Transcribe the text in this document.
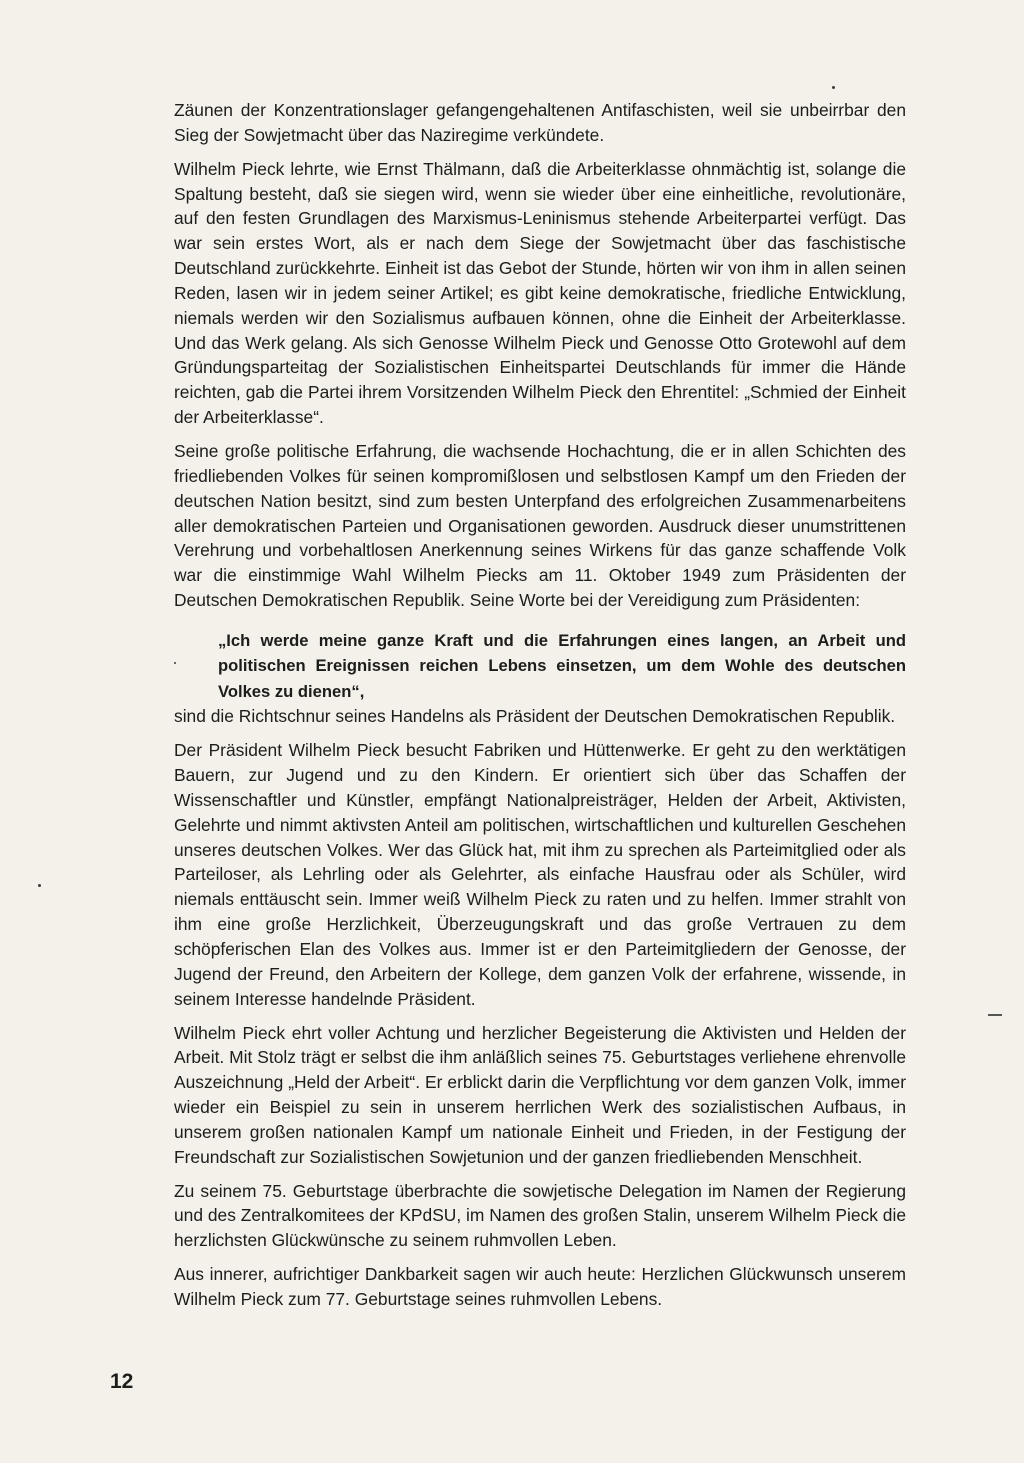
Zäunen der Konzentrationslager gefangengehaltenen Antifaschisten, weil sie unbeirrbar den Sieg der Sowjetmacht über das Naziregime verkündete.

Wilhelm Pieck lehrte, wie Ernst Thälmann, daß die Arbeiterklasse ohnmächtig ist, solange die Spaltung besteht, daß sie siegen wird, wenn sie wieder über eine einheitliche, revolutionäre, auf den festen Grundlagen des Marxismus-Leninismus stehende Arbeiterpartei verfügt. Das war sein erstes Wort, als er nach dem Siege der Sowjetmacht über das faschistische Deutschland zurückkehrte. Einheit ist das Gebot der Stunde, hörten wir von ihm in allen seinen Reden, lasen wir in jedem seiner Artikel; es gibt keine demokratische, friedliche Entwicklung, niemals werden wir den Sozialismus aufbauen können, ohne die Einheit der Arbeiterklasse. Und das Werk gelang. Als sich Genosse Wilhelm Pieck und Genosse Otto Grotewohl auf dem Gründungsparteitag der Sozialistischen Einheitspartei Deutschlands für immer die Hände reichten, gab die Partei ihrem Vorsitzenden Wilhelm Pieck den Ehrentitel: „Schmied der Einheit der Arbeiterklasse“.

Seine große politische Erfahrung, die wachsende Hochachtung, die er in allen Schichten des friedliebenden Volkes für seinen kompromißlosen und selbstlosen Kampf um den Frieden der deutschen Nation besitzt, sind zum besten Unterpfand des erfolgreichen Zusammenarbeitens aller demokratischen Parteien und Organisationen geworden. Ausdruck dieser unumstrittenen Verehrung und vorbehaltlosen Anerkennung seines Wirkens für das ganze schaffende Volk war die einstimmige Wahl Wilhelm Piecks am 11. Oktober 1949 zum Präsidenten der Deutschen Demokratischen Republik. Seine Worte bei der Vereidigung zum Präsidenten:

„Ich werde meine ganze Kraft und die Erfahrungen eines langen, an Arbeit und politischen Ereignissen reichen Lebens einsetzen, um dem Wohle des deutschen Volkes zu dienen“,

sind die Richtschnur seines Handelns als Präsident der Deutschen Demokratischen Republik.

Der Präsident Wilhelm Pieck besucht Fabriken und Hüttenwerke. Er geht zu den werktätigen Bauern, zur Jugend und zu den Kindern. Er orientiert sich über das Schaffen der Wissenschaftler und Künstler, empfängt Nationalpreisträger, Helden der Arbeit, Aktivisten, Gelehrte und nimmt aktivsten Anteil am politischen, wirtschaftlichen und kulturellen Geschehen unseres deutschen Volkes. Wer das Glück hat, mit ihm zu sprechen als Parteimitglied oder als Parteiloser, als Lehrling oder als Gelehrter, als einfache Hausfrau oder als Schüler, wird niemals enttäuscht sein. Immer weiß Wilhelm Pieck zu raten und zu helfen. Immer strahlt von ihm eine große Herzlichkeit, Überzeugungskraft und das große Vertrauen zu dem schöpferischen Elan des Volkes aus. Immer ist er den Parteimitgliedern der Genosse, der Jugend der Freund, den Arbeitern der Kollege, dem ganzen Volk der erfahrene, wissende, in seinem Interesse handelnde Präsident.

Wilhelm Pieck ehrt voller Achtung und herzlicher Begeisterung die Aktivisten und Helden der Arbeit. Mit Stolz trägt er selbst die ihm anläßlich seines 75. Geburtstages verliehene ehrenvolle Auszeichnung „Held der Arbeit“. Er erblickt darin die Verpflichtung vor dem ganzen Volk, immer wieder ein Beispiel zu sein in unserem herrlichen Werk des sozialistischen Aufbaus, in unserem großen nationalen Kampf um nationale Einheit und Frieden, in der Festigung der Freundschaft zur Sozialistischen Sowjetunion und der ganzen friedliebenden Menschheit.

Zu seinem 75. Geburtstage überbrachte die sowjetische Delegation im Namen der Regierung und des Zentralkomitees der KPdSU, im Namen des großen Stalin, unserem Wilhelm Pieck die herzlichsten Glückwünsche zu seinem ruhmvollen Leben.

Aus innerer, aufrichtiger Dankbarkeit sagen wir auch heute: Herzlichen Glückwunsch unserem Wilhelm Pieck zum 77. Geburtstage seines ruhmvollen Lebens.

12
